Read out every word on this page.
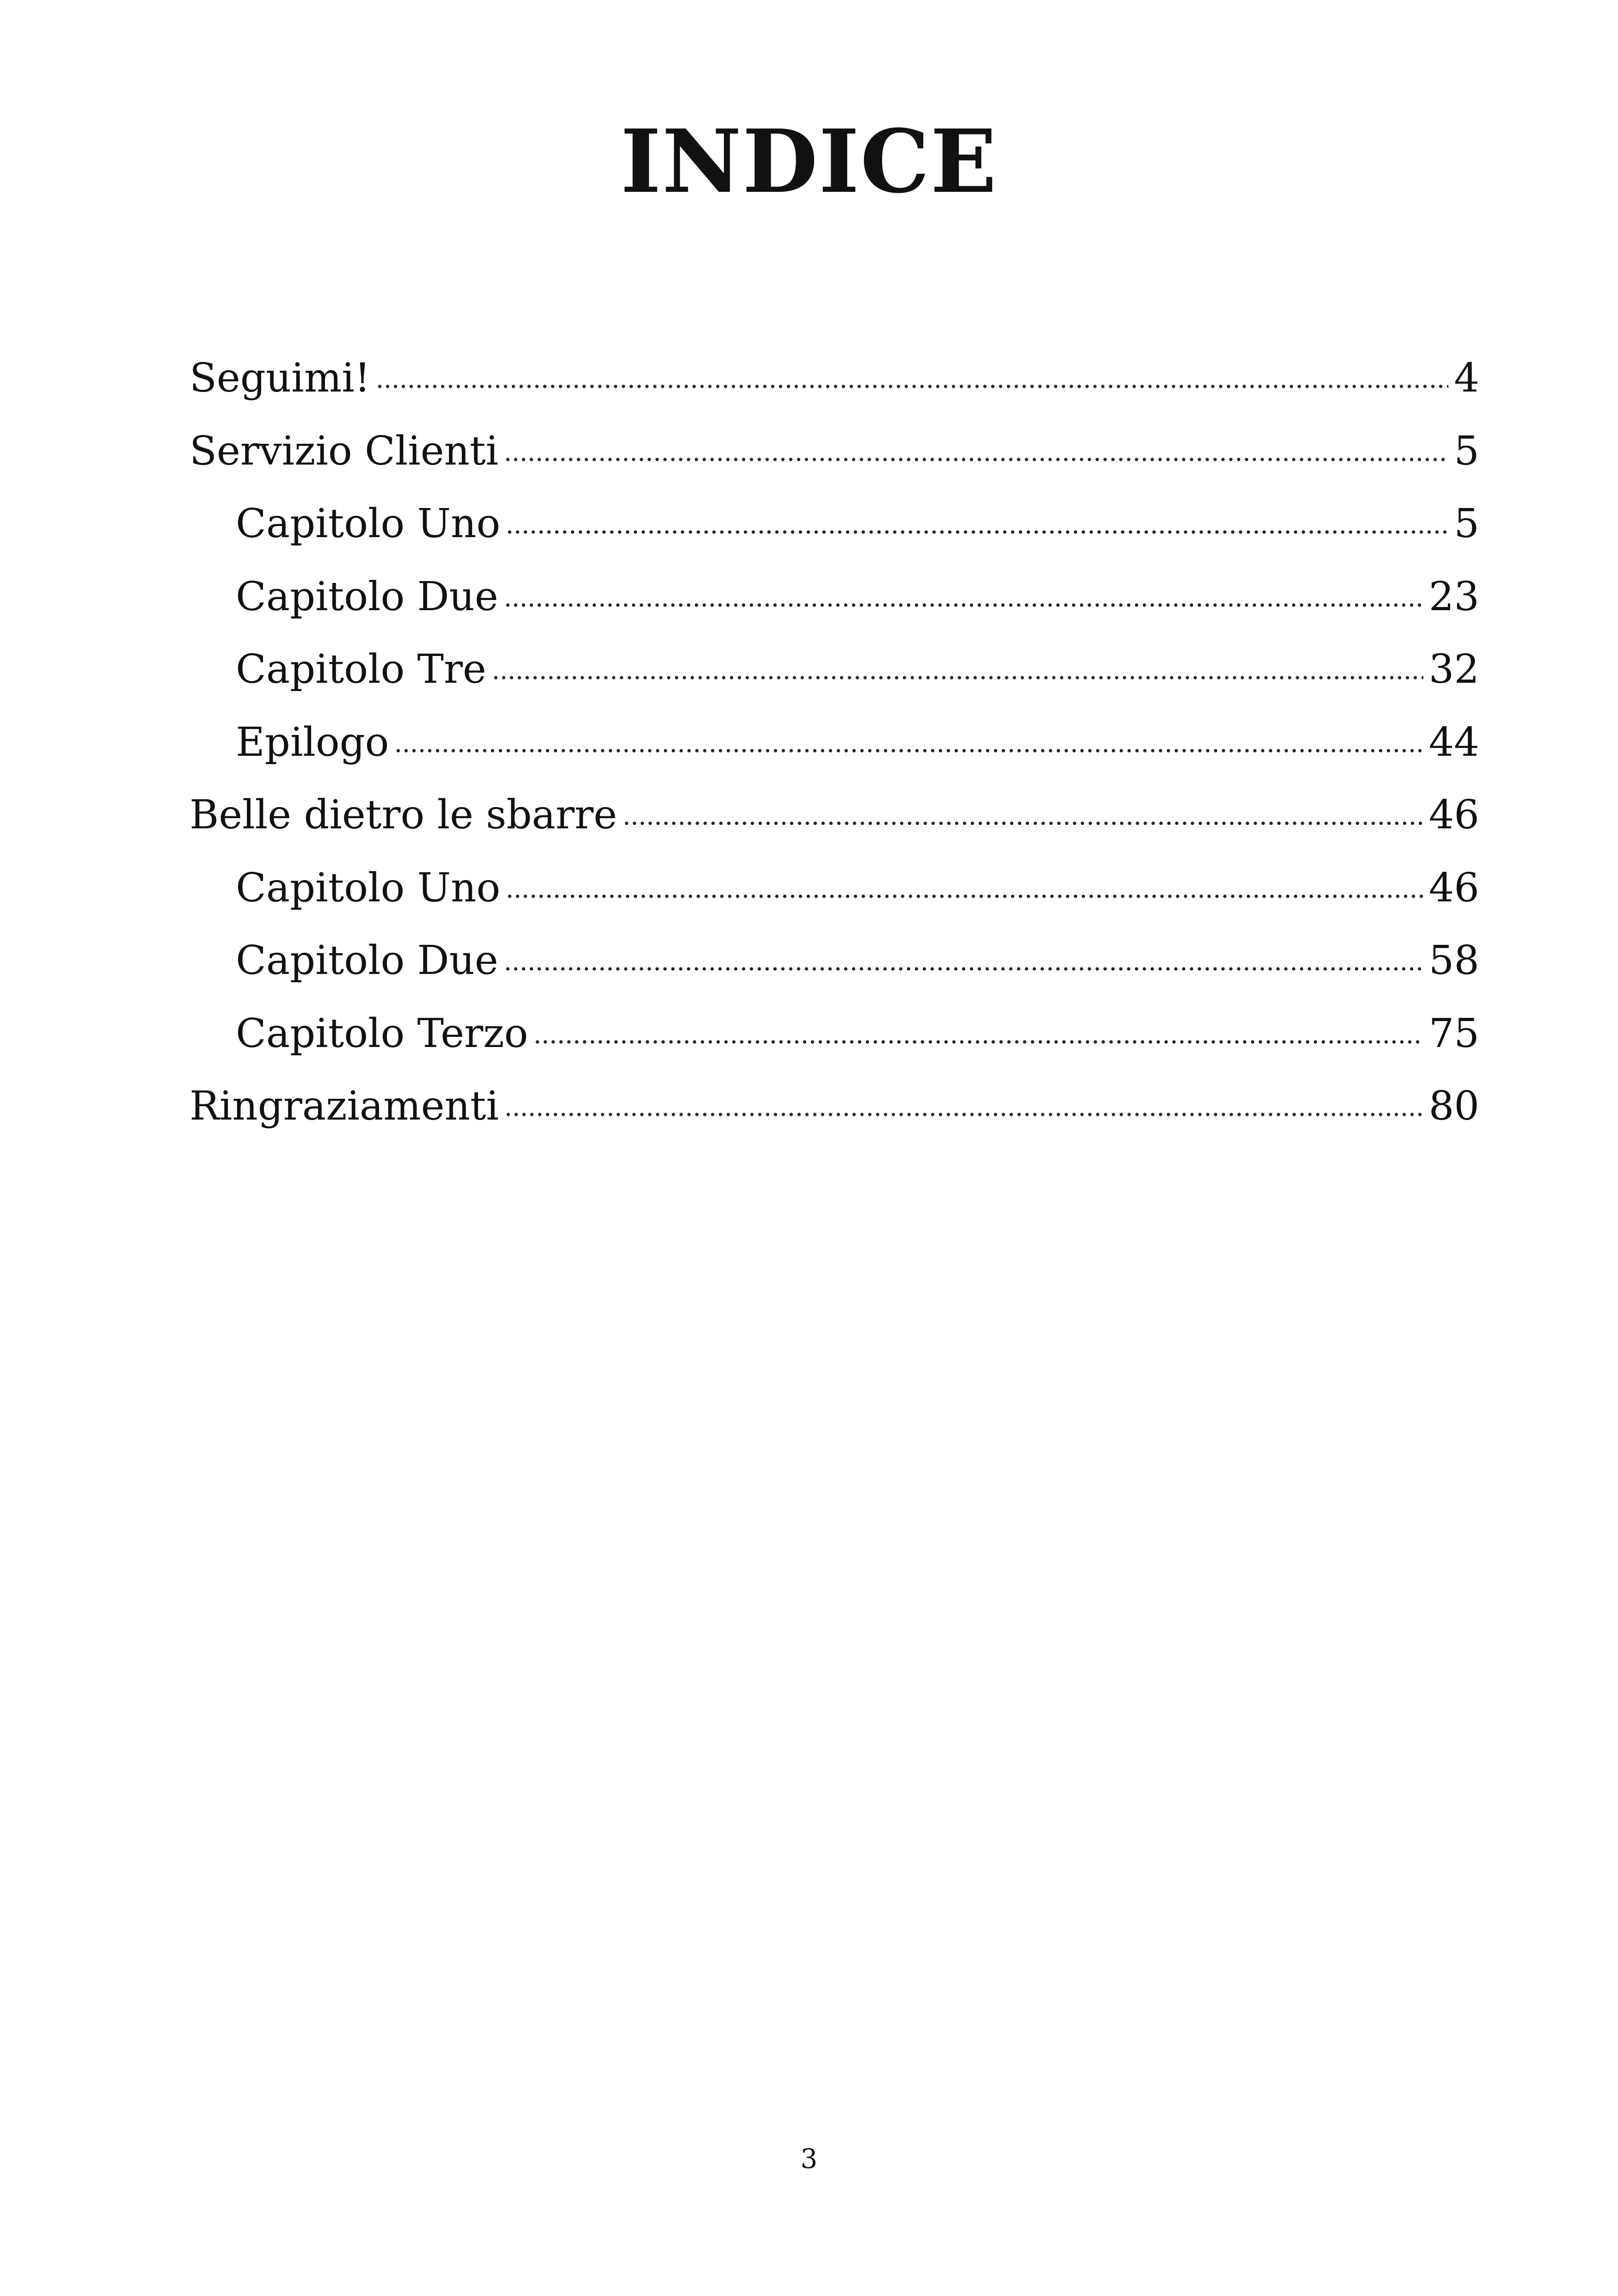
INDICE
Seguimi!	4
Servizio Clienti	5
Capitolo Uno	5
Capitolo Due	23
Capitolo Tre	32
Epilogo	44
Belle dietro le sbarre	46
Capitolo Uno	46
Capitolo Due	58
Capitolo Terzo	75
Ringraziamenti	80
3
